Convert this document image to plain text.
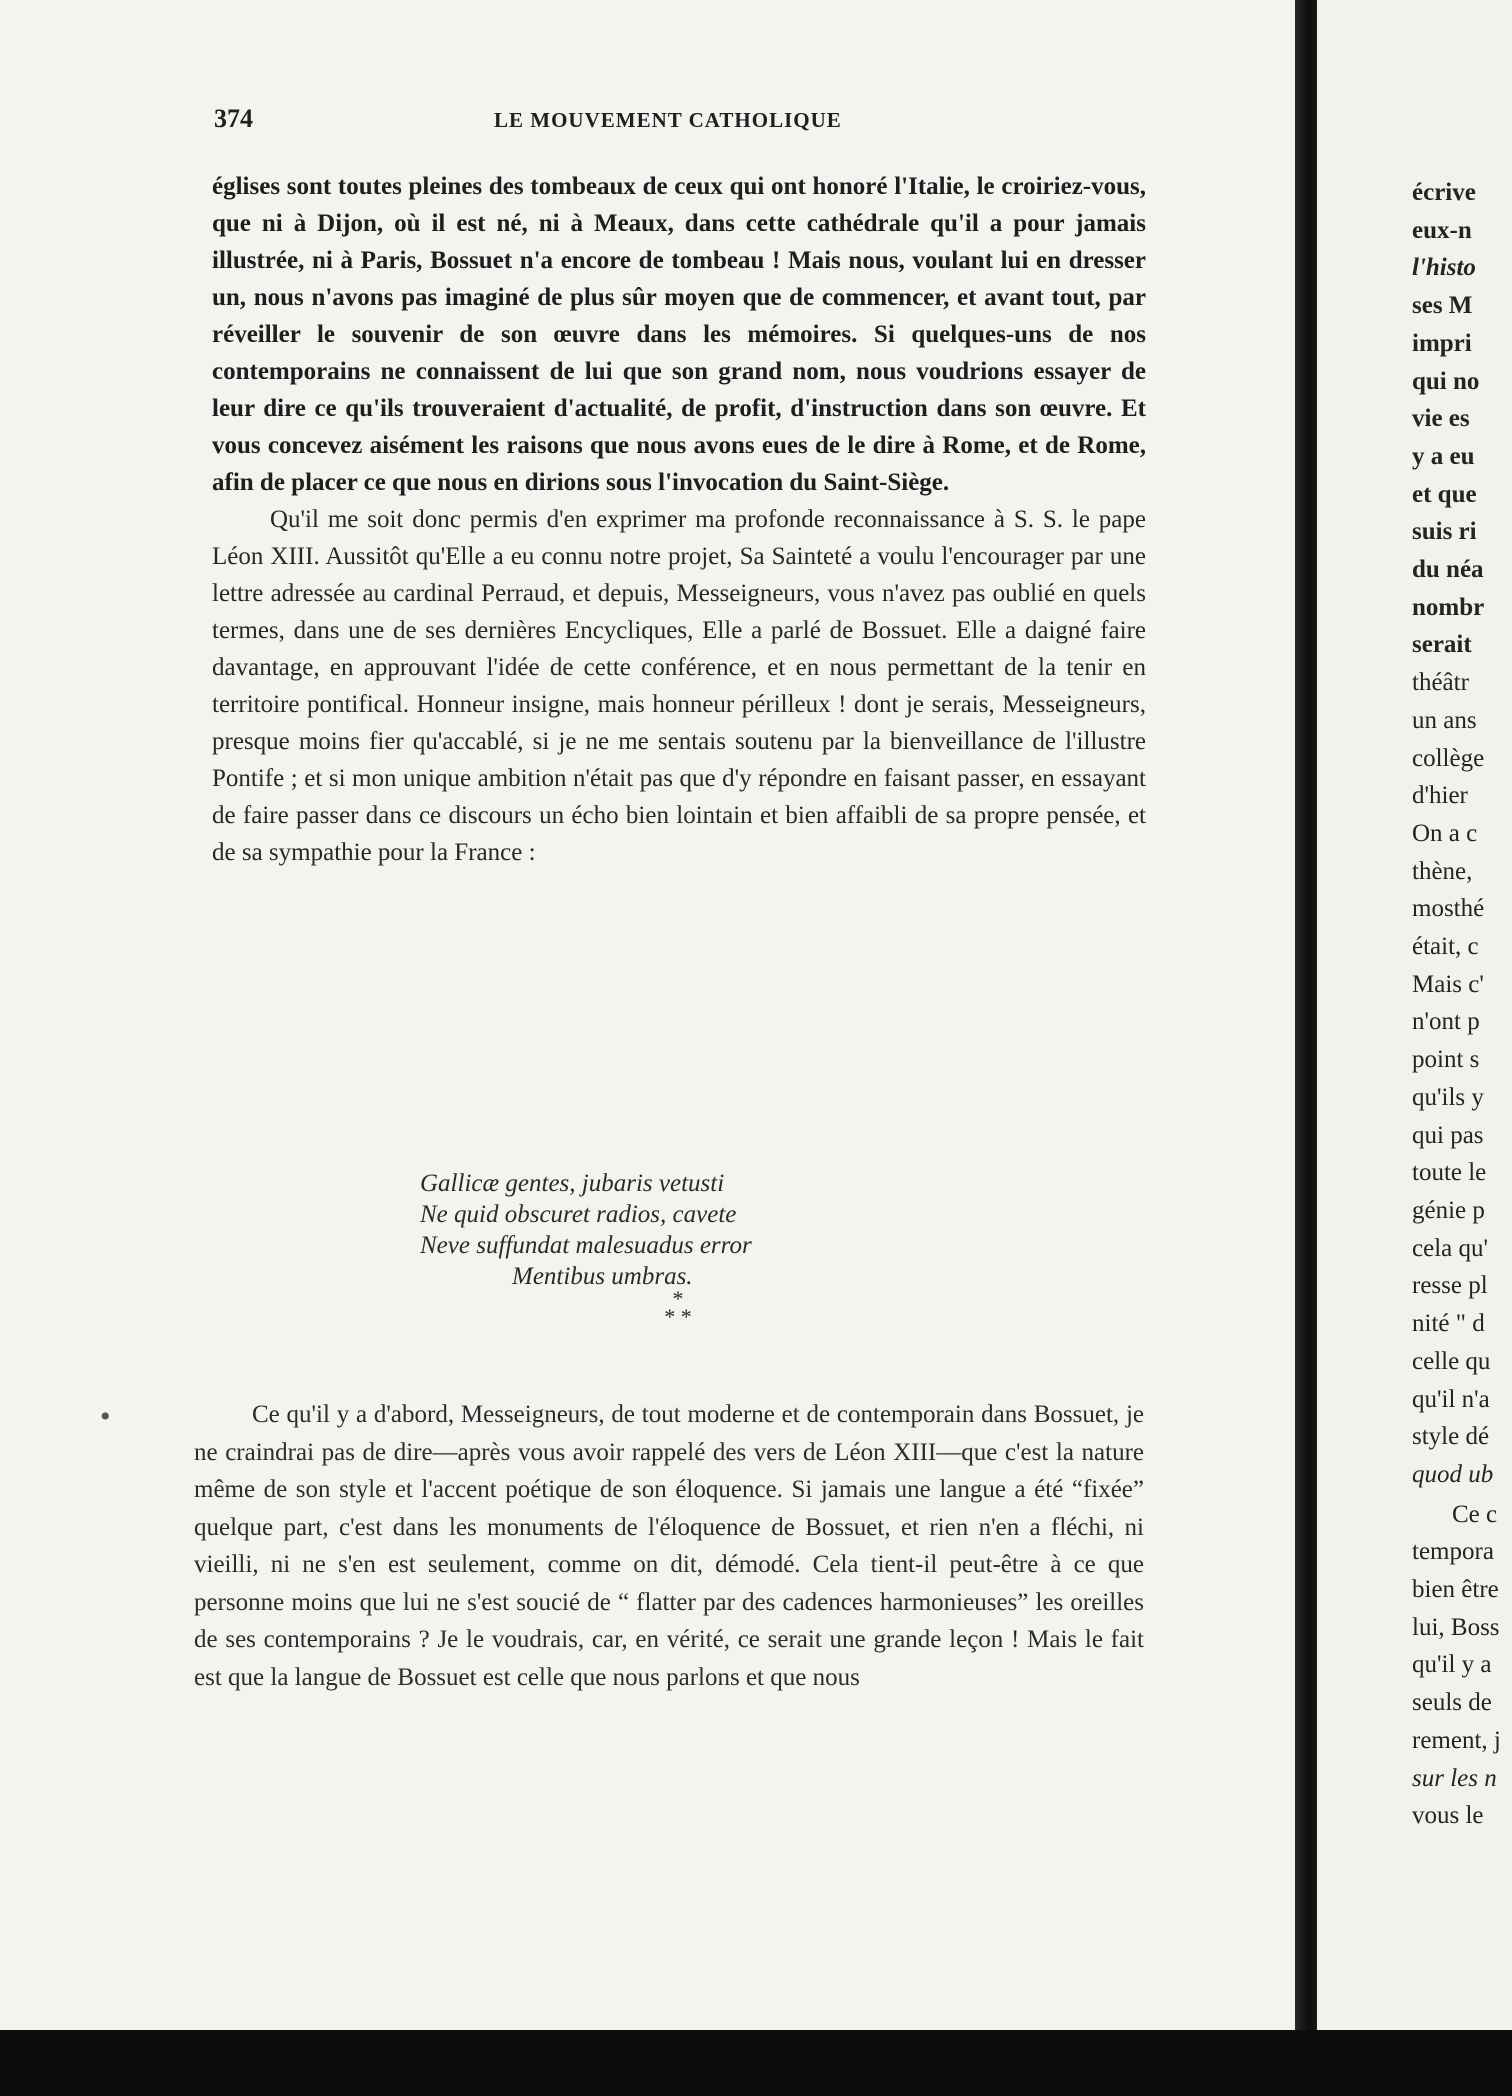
374	LE MOUVEMENT CATHOLIQUE

églises sont toutes pleines des tombeaux de ceux qui ont honoré l'Italie, le croiriez-vous, que ni à Dijon, où il est né, ni à Meaux, dans cette cathédrale qu'il a pour jamais illustrée, ni à Paris, Bossuet n'a encore de tombeau ! Mais nous, voulant lui en dresser un, nous n'avons pas imaginé de plus sûr moyen que de commencer, et avant tout, par réveiller le souvenir de son œuvre dans les mémoires. Si quelques-uns de nos contemporains ne connaissent de lui que son grand nom, nous voudrions essayer de leur dire ce qu'ils trouveraient d'actualité, de profit, d'instruction dans son œuvre. Et vous concevez aisément les raisons que nous avons eues de le dire à Rome, et de Rome, afin de placer ce que nous en dirions sous l'invocation du Saint-Siège.

Qu'il me soit donc permis d'en exprimer ma profonde reconnaissance à S. S. le pape Léon XIII. Aussitôt qu'Elle a eu connu notre projet, Sa Sainteté a voulu l'encourager par une lettre adressée au cardinal Perraud, et depuis, Messeigneurs, vous n'avez pas oublié en quels termes, dans une de ses dernières Encycliques, Elle a parlé de Bossuet. Elle a daigné faire davantage, en approuvant l'idée de cette conférence, et en nous permettant de la tenir en territoire pontifical. Honneur insigne, mais honneur périlleux ! dont je serais, Messeigneurs, presque moins fier qu'accablé, si je ne me sentais soutenu par la bienveillance de l'illustre Pontife ; et si mon unique ambition n'était pas que d'y répondre en faisant passer, en essayant de faire passer dans ce discours un écho bien lointain et bien affaibli de sa propre pensée, et de sa sympathie pour la France :

Gallicæ gentes, jubaris vetusti
Ne quid obscuret radios, cavete
Neve suffundat malesuadus error
Mentibus umbras.
*
* *

Ce qu'il y a d'abord, Messeigneurs, de tout moderne et de contemporain dans Bossuet, je ne craindrai pas de dire—après vous avoir rappelé des vers de Léon XIII—que c'est la nature même de son style et l'accent poétique de son éloquence. Si jamais une langue a été “fixée” quelque part, c'est dans les monuments de l'éloquence de Bossuet, et rien n'en a fléchi, ni vieilli, ni ne s'en est seulement, comme on dit, démodé. Cela tient-il peut-être à ce que personne moins que lui ne s'est soucié de “ flatter par des cadences harmonieuses” les oreilles de ses contemporains ? Je le voudrais, car, en vérité, ce serait une grande leçon ! Mais le fait est que la langue de Bossuet est celle que nous parlons et que nous

•
écrive
eux-n
l'histo
ses M
impri
qui no
vie es
y a eu
et que
suis ri
du néa
nombr
serait
théâtr
un ans
collège
d'hier
On a c
thène,
mosthé
était, c
Mais c'
n'ont p
point s
qu'ils y
qui pas
toute le
génie p
cela qu'
resse pl
nité " d
celle qu
qu'il n'a
style dé
quod ub
Ce c
tempora
bien être
lui, Boss
qu'il y a
seuls de
rement, j
sur les n
vous le
